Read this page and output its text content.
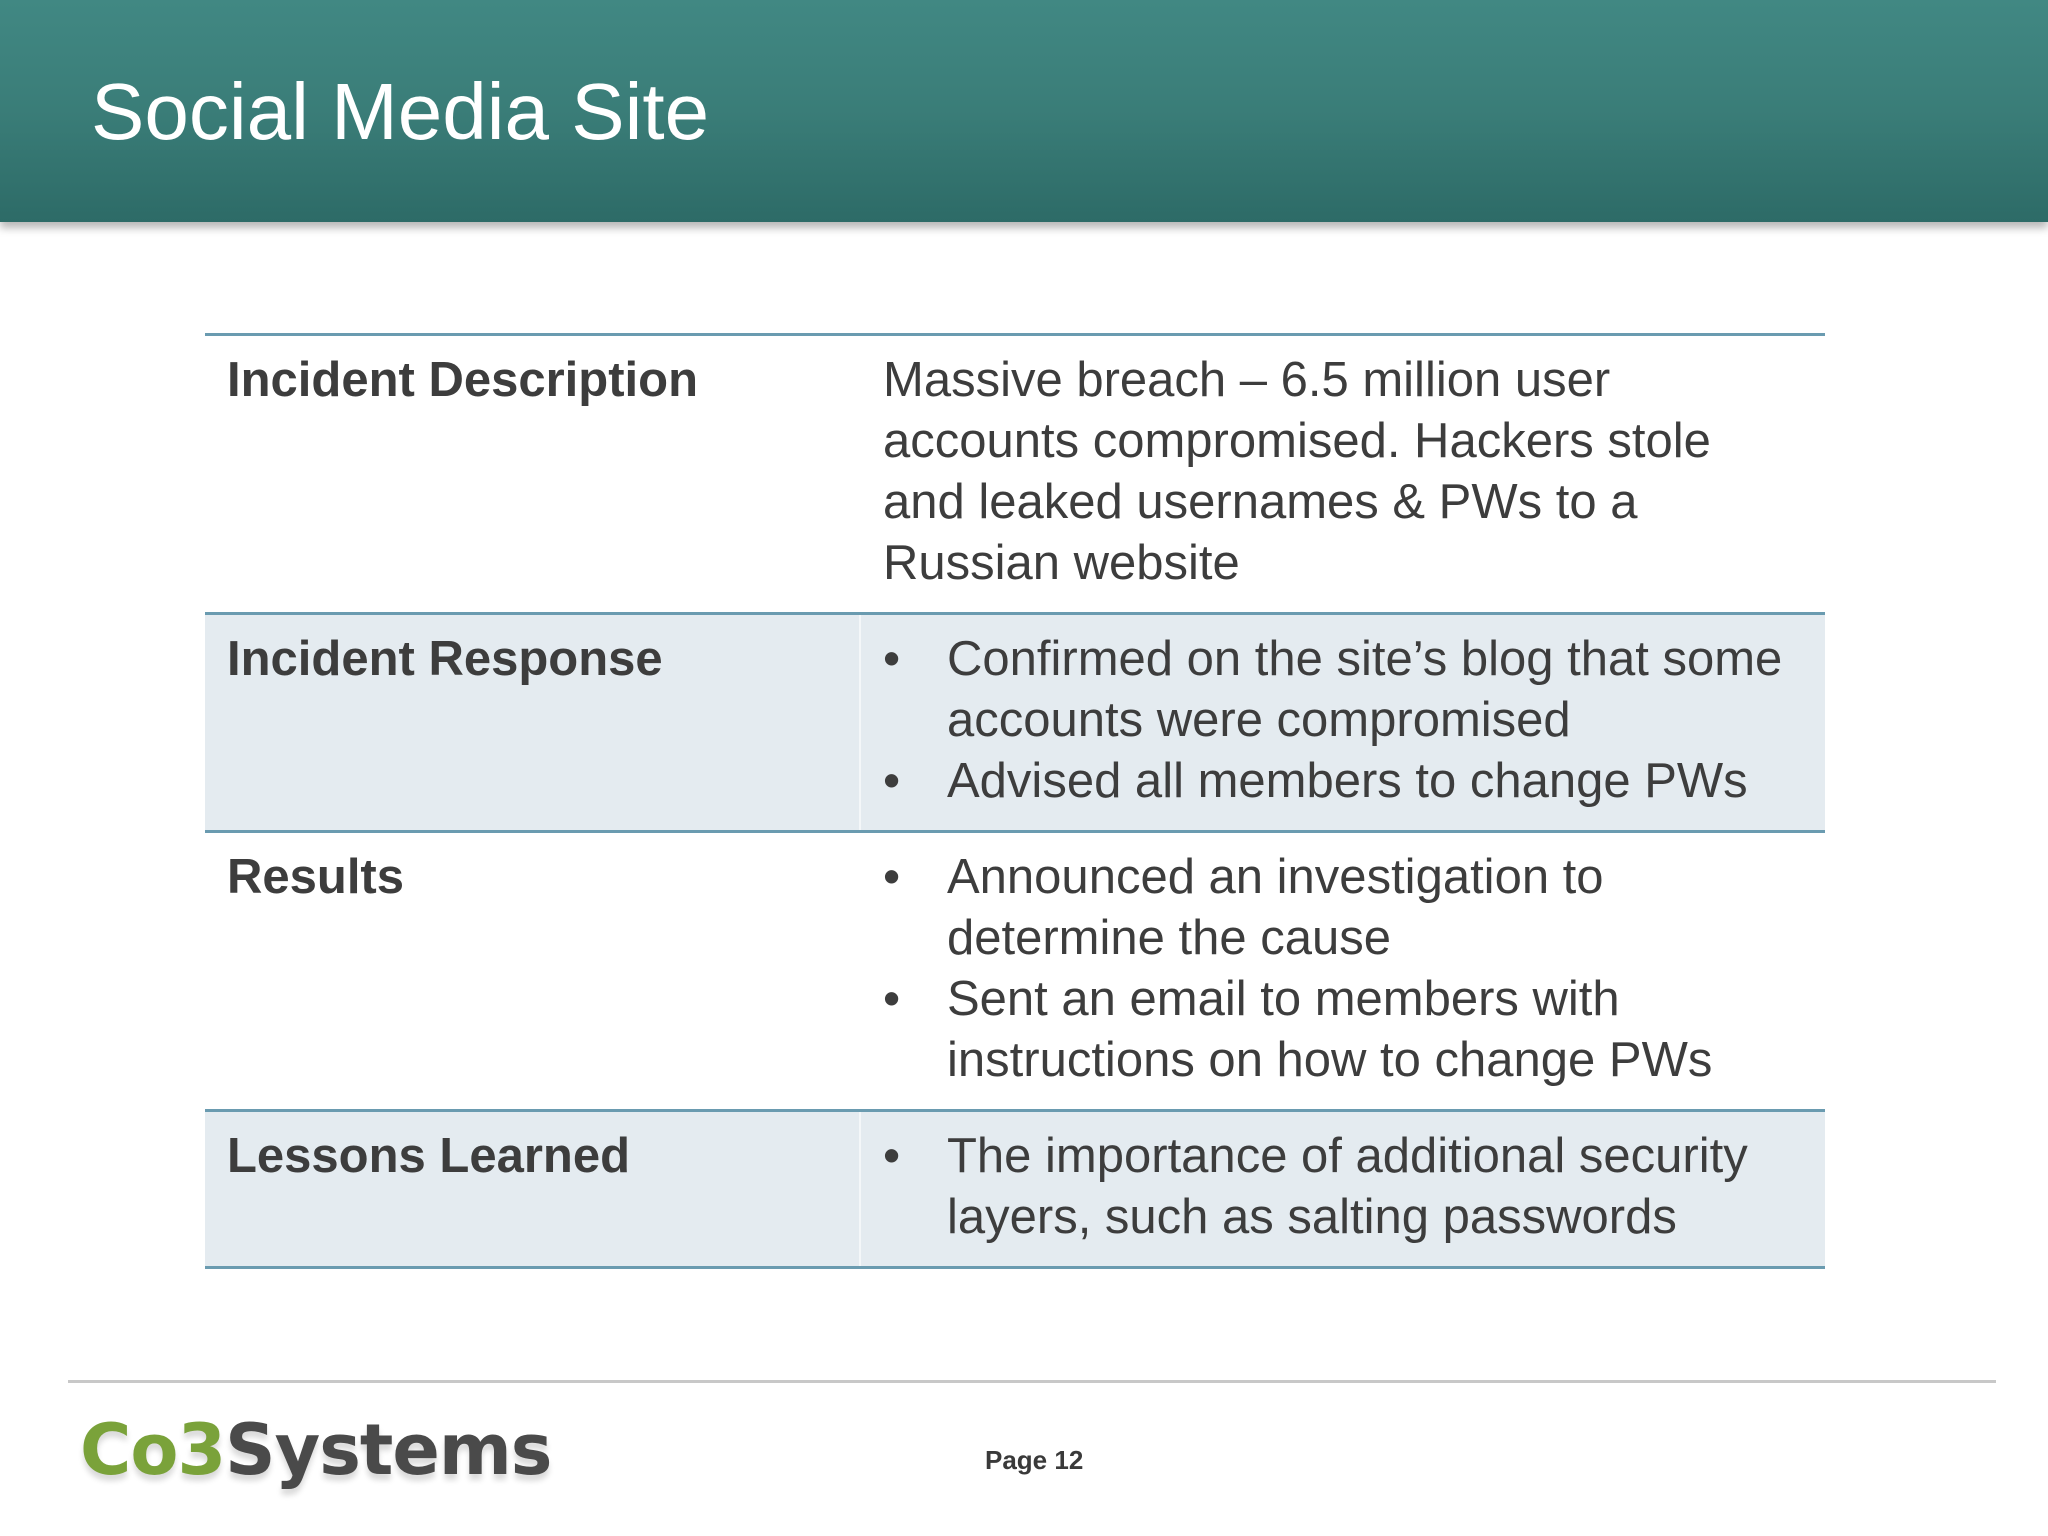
Social Media Site
Incident Description	Massive breach – 6.5 million user accounts compromised. Hackers stole and leaked usernames & PWs to a Russian website
Incident Response	• Confirmed on the site’s blog that some accounts were compromised
• Advised all members to change PWs
Results	• Announced an investigation to determine the cause
• Sent an email to members with instructions on how to change PWs
Lessons Learned	• The importance of additional security layers, such as salting passwords
Co3Systems	Page 12
